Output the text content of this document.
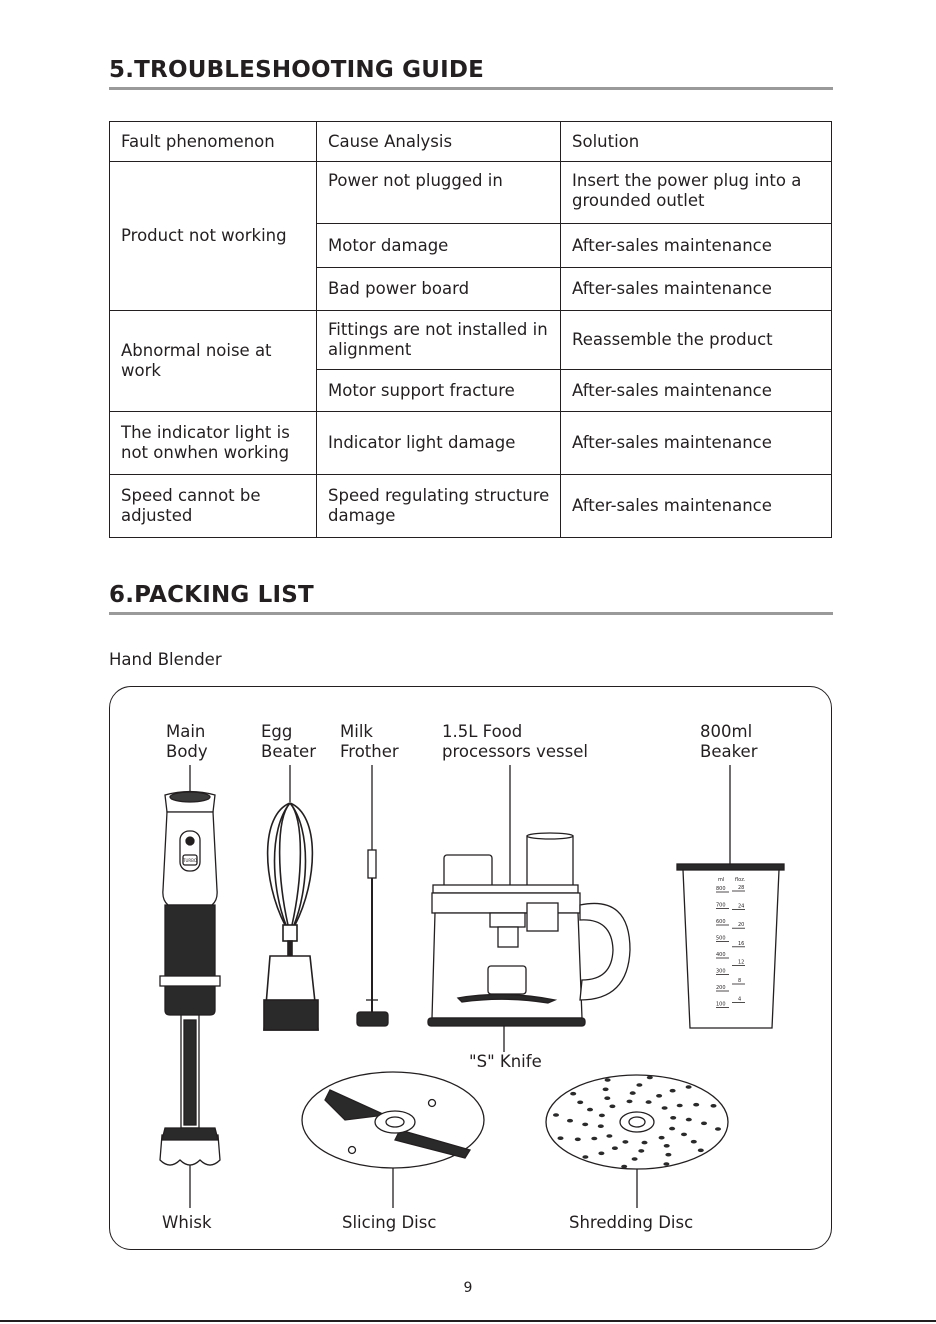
5.TROUBLESHOOTING GUIDE
Fault phenomenon	Cause Analysis	Solution
Product not working	Power not plugged in	Insert the power plug into a grounded outlet
	Motor damage	After-sales maintenance
	Bad power board	After-sales maintenance
Abnormal noise at work	Fittings are not installed in alignment	Reassemble the product
	Motor support fracture	After-sales maintenance
The indicator light is not onwhen working	Indicator light damage	After-sales maintenance
Speed cannot be adjusted	Speed regulating structure damage	After-sales maintenance
6.PACKING LIST
Hand Blender
Main
Body
Egg
Beater
Milk
Frother
1.5L Food
processors vessel
800ml
Beaker
"S" Knife
Whisk	Slicing Disc	Shredding Disc
TURBO
ml floz.
800
700
600
500
400
300
200
100
28
24
20
16
12
8
4
9
